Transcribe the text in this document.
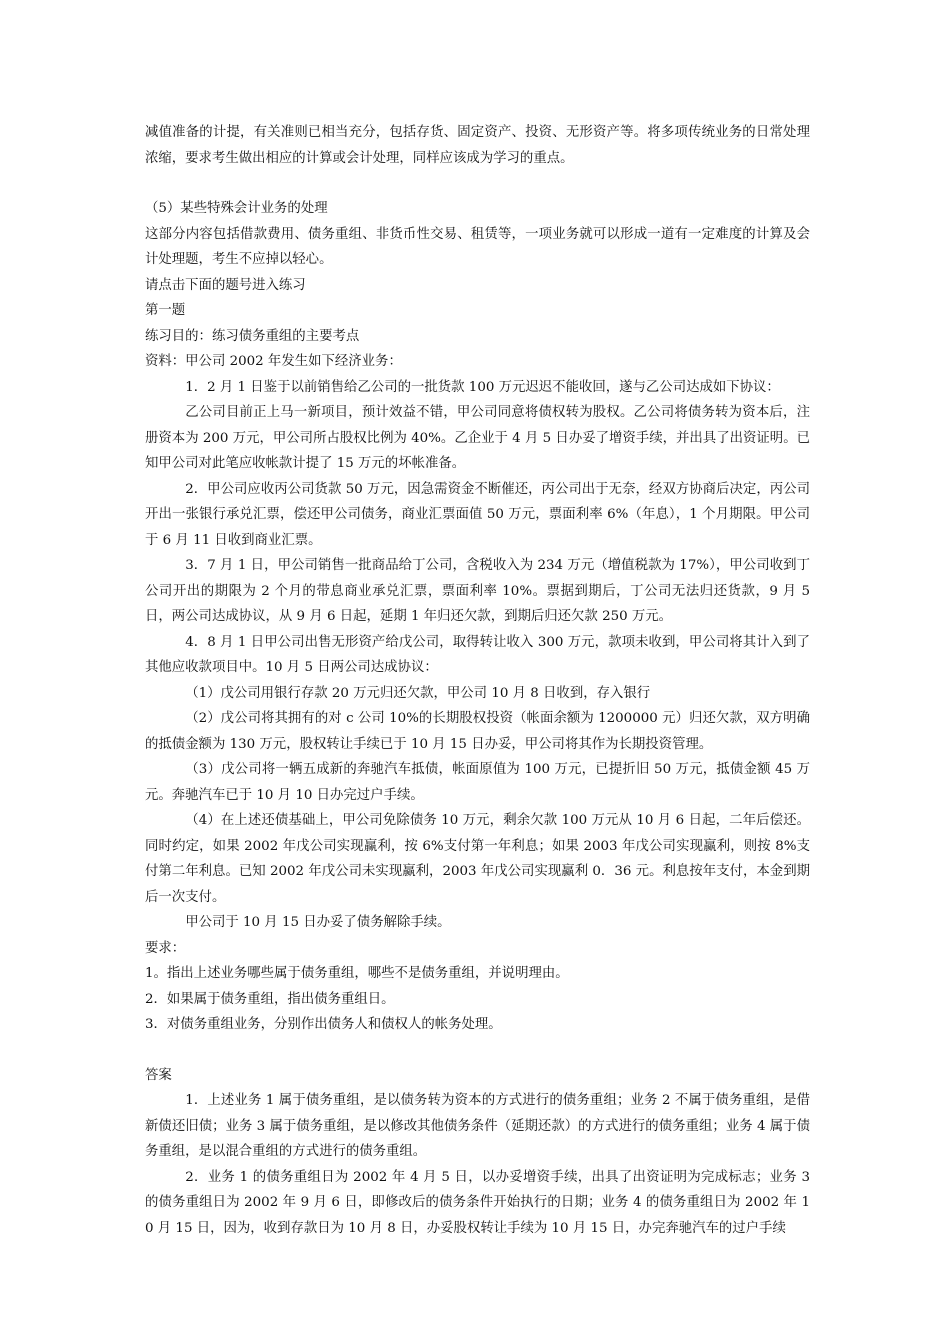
减值准备的计提，有关准则已相当充分，包括存货、固定资产、投资、无形资产等。将多项传统业务的日常处理浓缩，要求考生做出相应的计算或会计处理，同样应该成为学习的重点。

（5）某些特殊会计业务的处理

这部分内容包括借款费用、债务重组、非货币性交易、租赁等，一项业务就可以形成一道有一定难度的计算及会计处理题，考生不应掉以轻心。

请点击下面的题号进入练习

第一题

练习目的：练习债务重组的主要考点

资料：甲公司 2002 年发生如下经济业务：

1．2 月 1 日鉴于以前销售给乙公司的一批货款 100 万元迟迟不能收回，遂与乙公司达成如下协议：

乙公司目前正上马一新项目，预计效益不错，甲公司同意将债权转为股权。乙公司将债务转为资本后，注册资本为 200 万元，甲公司所占股权比例为 40%。乙企业于 4 月 5 日办妥了增资手续，并出具了出资证明。已知甲公司对此笔应收帐款计提了 15 万元的坏帐准备。

2．甲公司应收丙公司货款 50 万元，因急需资金不断催还，丙公司出于无奈，经双方协商后决定，丙公司开出一张银行承兑汇票，偿还甲公司债务，商业汇票面值 50 万元，票面利率 6%（年息），1 个月期限。甲公司于 6 月 11 日收到商业汇票。

3．7 月 1 日，甲公司销售一批商品给丁公司，含税收入为 234 万元（增值税款为 17%），甲公司收到丁公司开出的期限为 2 个月的带息商业承兑汇票，票面利率 10%。票据到期后，丁公司无法归还货款，9 月 5 日，两公司达成协议，从 9 月 6 日起，延期 1 年归还欠款，到期后归还欠款 250 万元。

4．8 月 1 日甲公司出售无形资产给戊公司，取得转让收入 300 万元，款项未收到，甲公司将其计入到了其他应收款项目中。10 月 5 日两公司达成协议：

（1）戊公司用银行存款 20 万元归还欠款，甲公司 10 月 8 日收到，存入银行

（2）戊公司将其拥有的对 c 公司 10%的长期股权投资（帐面余额为 1200000 元）归还欠款，双方明确的抵债金额为 130 万元，股权转让手续已于 10 月 15 日办妥，甲公司将其作为长期投资管理。

（3）戊公司将一辆五成新的奔驰汽车抵债，帐面原值为 100 万元，已提折旧 50 万元，抵债金额 45 万元。奔驰汽车已于 10 月 10 日办完过户手续。

（4）在上述还债基础上，甲公司免除债务 10 万元，剩余欠款 100 万元从 10 月 6 日起，二年后偿还。同时约定，如果 2002 年戊公司实现赢利，按 6%支付第一年利息；如果 2003 年戊公司实现赢利，则按 8%支付第二年利息。已知 2002 年戊公司未实现赢利，2003 年戊公司实现赢利 0．36 元。利息按年支付，本金到期后一次支付。

甲公司于 10 月 15 日办妥了债务解除手续。

要求：

1。指出上述业务哪些属于债务重组，哪些不是债务重组，并说明理由。

2．如果属于债务重组，指出债务重组日。

3．对债务重组业务，分别作出债务人和债权人的帐务处理。

答案

1．上述业务 1 属于债务重组，是以债务转为资本的方式进行的债务重组；业务 2 不属于债务重组，是借新债还旧债；业务 3 属于债务重组，是以修改其他债务条件（延期还款）的方式进行的债务重组；业务 4 属于债务重组，是以混合重组的方式进行的债务重组。

2．业务 1 的债务重组日为 2002 年 4 月 5 日，以办妥增资手续，出具了出资证明为完成标志；业务 3 的债务重组日为 2002 年 9 月 6 日，即修改后的债务条件开始执行的日期；业务 4 的债务重组日为 2002 年 10 月 15 日，因为，收到存款日为 10 月 8 日，办妥股权转让手续为 10 月 15 日，办完奔驰汽车的过户手续
